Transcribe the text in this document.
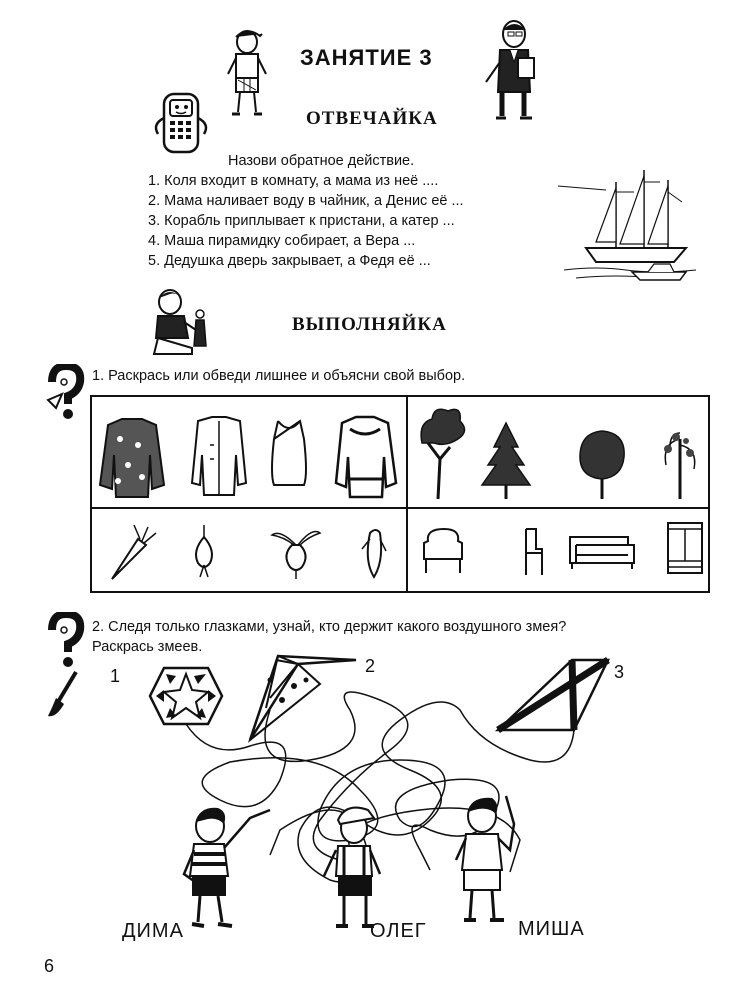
ЗАНЯТИЕ 3
ОТВЕЧАЙКА
Назови обратное действие.
1. Коля входит в комнату, а мама из неё ....
2. Мама наливает воду в чайник, а Денис её ...
3. Корабль приплывает к пристани, а катер ...
4. Маша пирамидку собирает, а Вера ...
5. Дедушка дверь закрывает, а Федя её ...
ВЫПОЛНЯЙКА
1. Раскрась или обведи лишнее и объясни свой выбор.
2. Следя только глазками, узнай, кто держит какого воздушного змея?
Раскрась змеев.
1	2	3
ДИМА	ОЛЕГ	МИША
6
